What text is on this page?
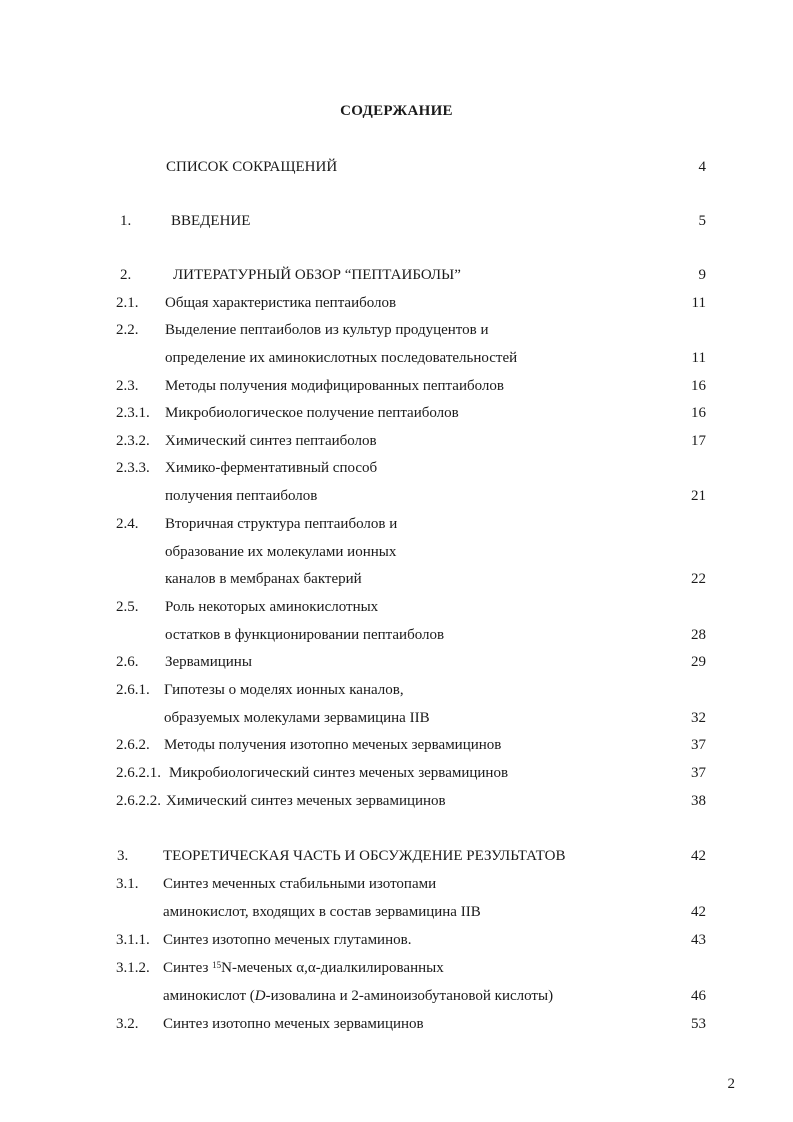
СОДЕРЖАНИЕ
СПИСОК СОКРАЩЕНИЙ	4
1.	ВВЕДЕНИЕ	5
2.	ЛИТЕРАТУРНЫЙ ОБЗОР “ПЕПТАИБОЛЫ”	9
2.1. Общая характеристика пептаиболов	11
2.2. Выделение пептаиболов из культур продуцентов и
определение их аминокислотных последовательностей	11
2.3. Методы получения модифицированных пептаиболов	16
2.3.1. Микробиологическое получение пептаиболов	16
2.3.2. Химический синтез пептаиболов	17
2.3.3. Химико-ферментативный способ
получения пептаиболов	21
2.4. Вторичная структура пептаиболов и
образование их молекулами ионных
каналов в мембранах бактерий	22
2.5. Роль некоторых аминокислотных
остатков в функционировании пептаиболов	28
2.6. Зервамицины	29
2.6.1. Гипотезы о моделях ионных каналов,
образуемых молекулами зервамицина IIB	32
2.6.2. Методы получения изотопно меченых зервамицинов	37
2.6.2.1. Микробиологический синтез меченых зервамицинов	37
2.6.2.2. Химический синтез меченых зервамицинов	38
3. ТЕОРЕТИЧЕСКАЯ ЧАСТЬ И ОБСУЖДЕНИЕ РЕЗУЛЬТАТОВ	42
3.1. Синтез меченных стабильными изотопами
аминокислот, входящих в состав зервамицина IIB	42
3.1.1. Синтез изотопно меченых глутаминов.	43
3.1.2. Синтез $^{15}$N-меченых α,α-диалкилированных
аминокислот (D-изовалина и 2-аминоизобутановой кислоты)	46
3.2. Синтез изотопно меченых зервамицинов	53
2
